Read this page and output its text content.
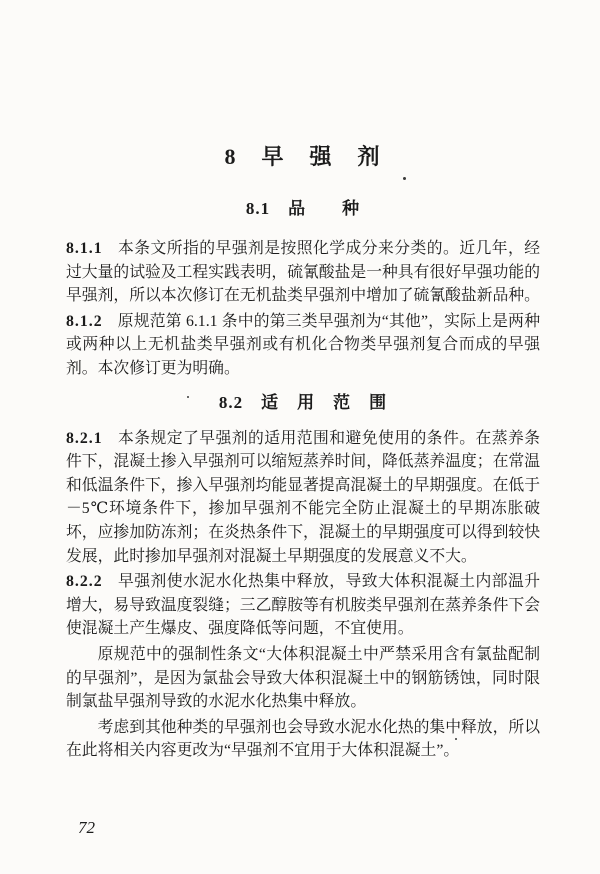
8　早　强　剂
8.1　品　　种

8.1.1 本条文所指的早强剂是按照化学成分来分类的。近几年，经过大量的试验及工程实践表明，硫氰酸盐是一种具有很好早强功能的早强剂，所以本次修订在无机盐类早强剂中增加了硫氰酸盐新品种。

8.1.2 原规范第 6.1.1 条中的第三类早强剂为“其他”，实际上是两种或两种以上无机盐类早强剂或有机化合物类早强剂复合而成的早强剂。本次修订更为明确。

8.2　适　用　范　围

8.2.1 本条规定了早强剂的适用范围和避免使用的条件。在蒸养条件下，混凝土掺入早强剂可以缩短蒸养时间，降低蒸养温度；在常温和低温条件下，掺入早强剂均能显著提高混凝土的早期强度。在低于－5℃环境条件下，掺加早强剂不能完全防止混凝土的早期冻胀破坏，应掺加防冻剂；在炎热条件下，混凝土的早期强度可以得到较快发展，此时掺加早强剂对混凝土早期强度的发展意义不大。

8.2.2 早强剂使水泥水化热集中释放，导致大体积混凝土内部温升增大，易导致温度裂缝；三乙醇胺等有机胺类早强剂在蒸养条件下会使混凝土产生爆皮、强度降低等问题，不宜使用。

原规范中的强制性条文“大体积混凝土中严禁采用含有氯盐配制的早强剂”，是因为氯盐会导致大体积混凝土中的钢筋锈蚀，同时限制氯盐早强剂导致的水泥水化热集中释放。

考虑到其他种类的早强剂也会导致水泥水化热的集中释放，所以在此将相关内容更改为“早强剂不宜用于大体积混凝土”。

72
